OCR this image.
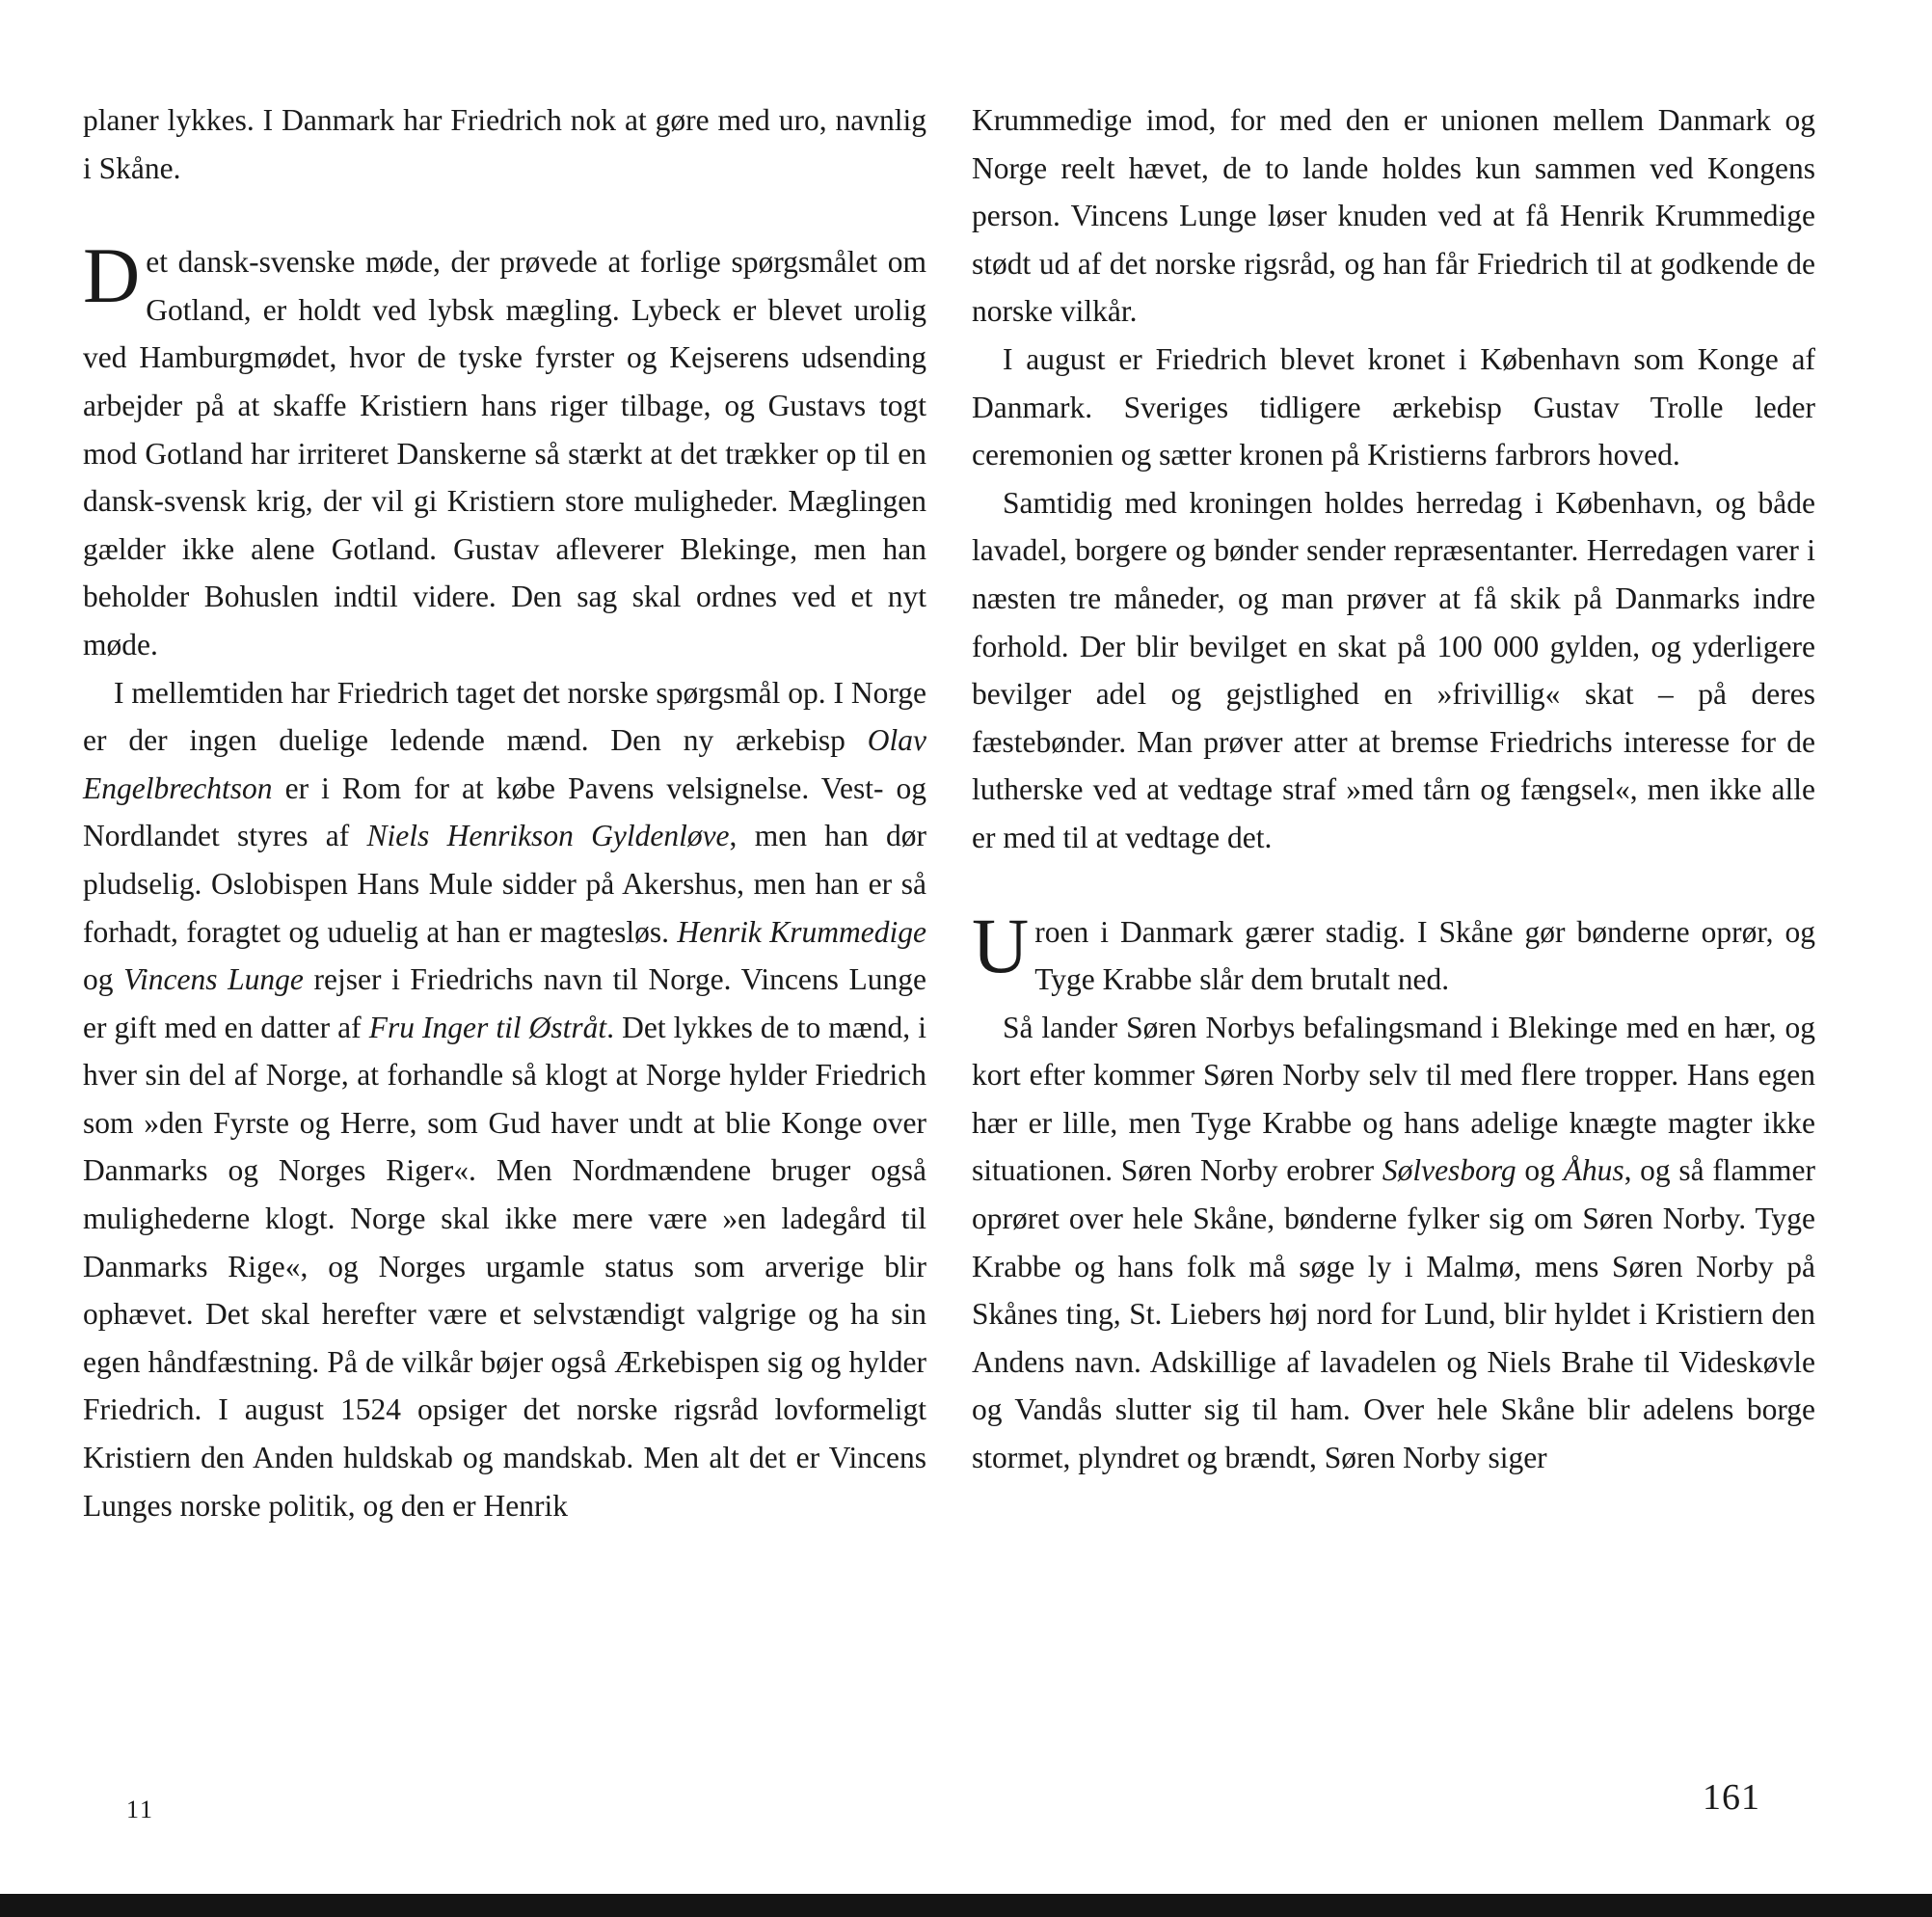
planer lykkes. I Danmark har Friedrich nok at gøre med uro, navnlig i Skåne.

Det dansk-svenske møde, der prøvede at forlige spørgsmålet om Gotland, er holdt ved lybsk mægling. Lybeck er blevet urolig ved Hamburgmødet, hvor de tyske fyrster og Kejserens udsending arbejder på at skaffe Kristiern hans riger tilbage, og Gustavs togt mod Gotland har irriteret Danskerne så stærkt at det trækker op til en dansk-svensk krig, der vil gi Kristiern store muligheder. Mæglingen gælder ikke alene Gotland. Gustav afleverer Blekinge, men han beholder Bohuslen indtil videre. Den sag skal ordnes ved et nyt møde.

I mellemtiden har Friedrich taget det norske spørgsmål op. I Norge er der ingen duelige ledende mænd. Den ny ærkebisp Olav Engelbrechtson er i Rom for at købe Pavens velsignelse. Vest- og Nordlandet styres af Niels Henrikson Gyldenløve, men han dør pludselig. Oslobispen Hans Mule sidder på Akershus, men han er så forhadt, foragtet og uduelig at han er magtesløs. Henrik Krummedige og Vincens Lunge rejser i Friedrichs navn til Norge. Vincens Lunge er gift med en datter af Fru Inger til Østråt. Det lykkes de to mænd, i hver sin del af Norge, at forhandle så klogt at Norge hylder Friedrich som »den Fyrste og Herre, som Gud haver undt at blie Konge over Danmarks og Norges Riger«. Men Nordmændene bruger også mulighederne klogt. Norge skal ikke mere være »en ladegård til Danmarks Rige«, og Norges urgamle status som arverige blir ophævet. Det skal herefter være et selvstændigt valgrige og ha sin egen håndfæstning. På de vilkår bøjer også Ærkebispen sig og hylder Friedrich. I august 1524 opsiger det norske rigsråd lovformeligt Kristiern den Anden huldskab og mandskab. Men alt det er Vincens Lunges norske politik, og den er Henrik

Krummedige imod, for med den er unionen mellem Danmark og Norge reelt hævet, de to lande holdes kun sammen ved Kongens person. Vincens Lunge løser knuden ved at få Henrik Krummedige stødt ud af det norske rigsråd, og han får Friedrich til at godkende de norske vilkår.

I august er Friedrich blevet kronet i København som Konge af Danmark. Sveriges tidligere ærkebisp Gustav Trolle leder ceremonien og sætter kronen på Kristierns farbrors hoved.

Samtidig med kroningen holdes herredag i København, og både lavadel, borgere og bønder sender repræsentanter. Herredagen varer i næsten tre måneder, og man prøver at få skik på Danmarks indre forhold. Der blir bevilget en skat på 100 000 gylden, og yderligere bevilger adel og gejstlighed en »frivillig« skat – på deres fæstebønder. Man prøver atter at bremse Friedrichs interesse for de lutherske ved at vedtage straf »med tårn og fængsel«, men ikke alle er med til at vedtage det.

Uroen i Danmark gærer stadig. I Skåne gør bønderne oprør, og Tyge Krabbe slår dem brutalt ned.

Så lander Søren Norbys befalingsmand i Blekinge med en hær, og kort efter kommer Søren Norby selv til med flere tropper. Hans egen hær er lille, men Tyge Krabbe og hans adelige knægte magter ikke situationen. Søren Norby erobrer Sølvesborg og Åhus, og så flammer oprøret over hele Skåne, bønderne fylker sig om Søren Norby. Tyge Krabbe og hans folk må søge ly i Malmø, mens Søren Norby på Skånes ting, St. Liebers høj nord for Lund, blir hyldet i Kristiern den Andens navn. Adskillige af lavadelen og Niels Brahe til Videskøvle og Vandås slutter sig til ham. Over hele Skåne blir adelens borge stormet, plyndret og brændt, Søren Norby siger

11	161
